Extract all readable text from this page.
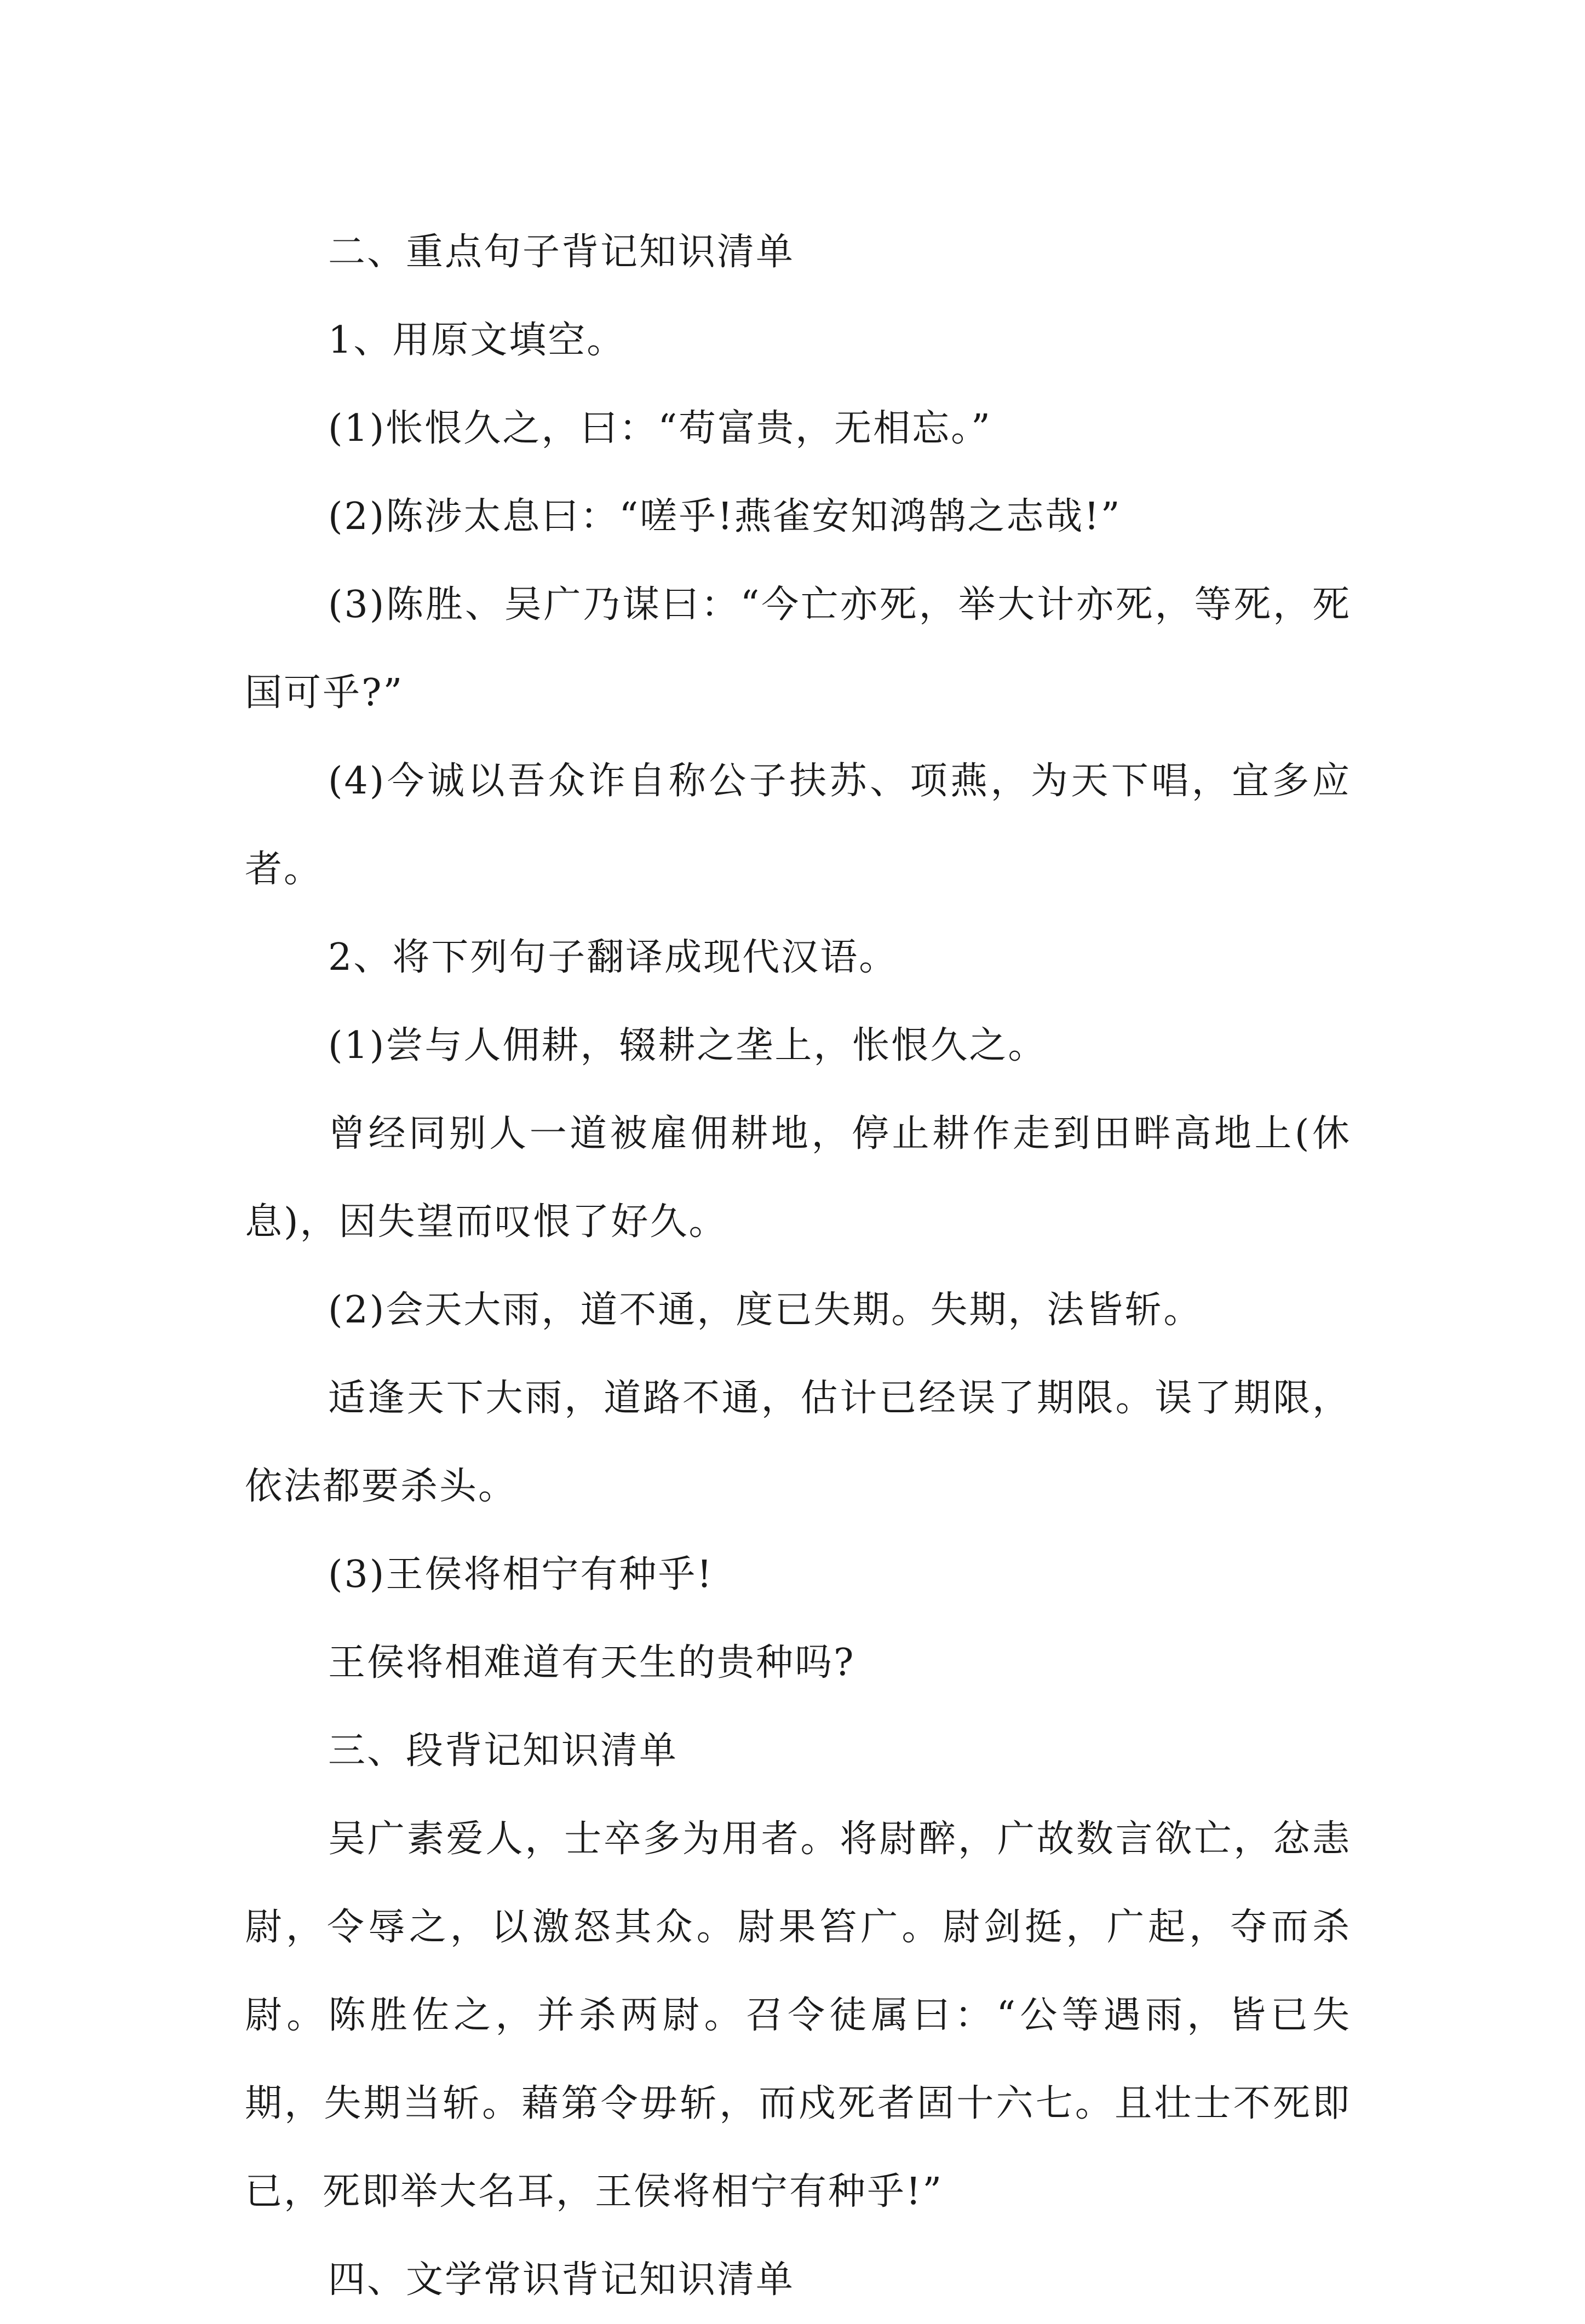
二、重点句子背记知识清单

1、用原文填空。

(1)怅恨久之，曰：“苟富贵，无相忘。”

(2)陈涉太息曰：“嗟乎!燕雀安知鸿鹄之志哉!”

(3)陈胜、吴广乃谋曰：“今亡亦死，举大计亦死，等死，死国可乎?”

(4)今诚以吾众诈自称公子扶苏、项燕，为天下唱，宜多应者。

2、将下列句子翻译成现代汉语。

(1)尝与人佣耕，辍耕之垄上，怅恨久之。

曾经同别人一道被雇佣耕地，停止耕作走到田畔高地上(休息)，因失望而叹恨了好久。

(2)会天大雨，道不通，度已失期。失期，法皆斩。

适逢天下大雨，道路不通，估计已经误了期限。误了期限，依法都要杀头。

(3)王侯将相宁有种乎!

王侯将相难道有天生的贵种吗?

三、段背记知识清单

吴广素爱人，士卒多为用者。将尉醉，广故数言欲亡，忿恚尉，令辱之，以激怒其众。尉果笞广。尉剑挺，广起，夺而杀尉。陈胜佐之，并杀两尉。召令徒属曰：“公等遇雨，皆已失期，失期当斩。藉第令毋斩，而戍死者固十六七。且壮士不死即已，死即举大名耳，王侯将相宁有种乎!”

四、文学常识背记知识清单
